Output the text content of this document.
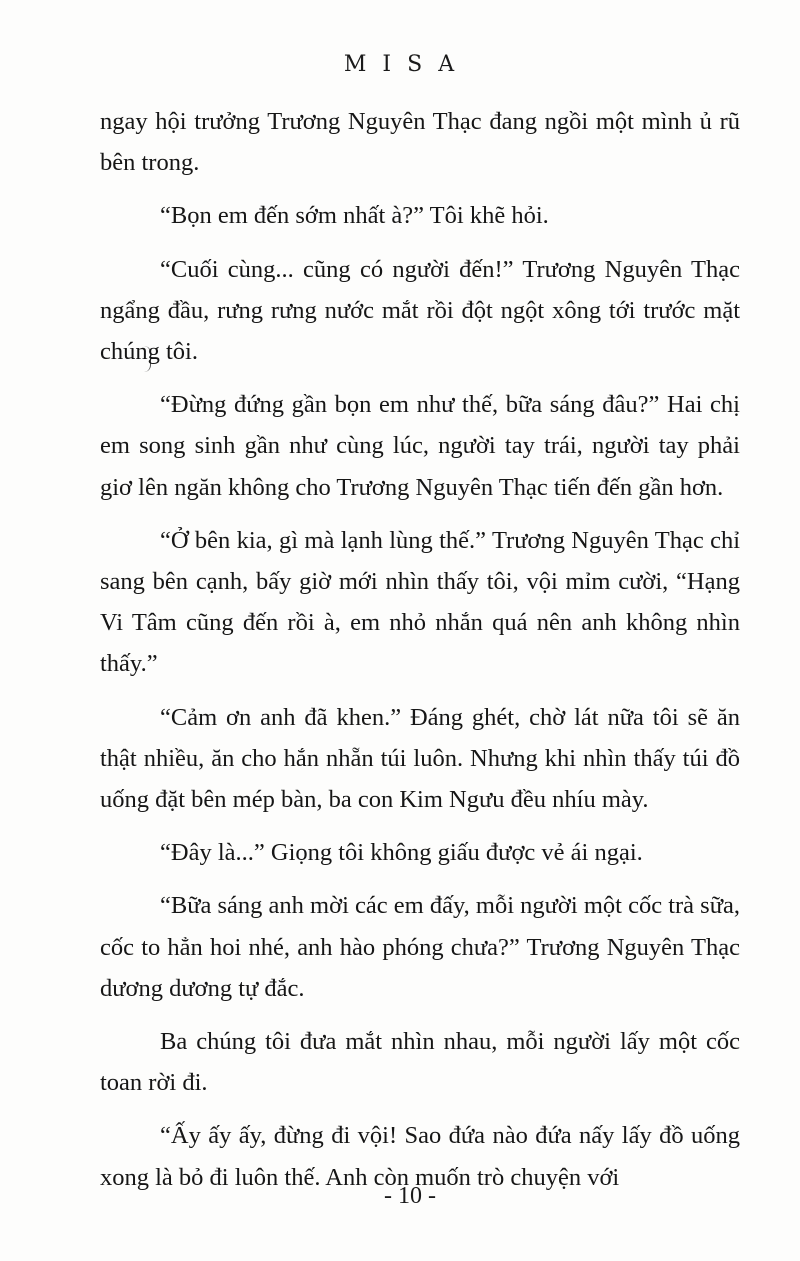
MISA

ngay hội trưởng Trương Nguyên Thạc đang ngồi một mình ủ rũ bên trong.

“Bọn em đến sớm nhất à?” Tôi khẽ hỏi.

“Cuối cùng... cũng có người đến!” Trương Nguyên Thạc ngẩng đầu, rưng rưng nước mắt rồi đột ngột xông tới trước mặt chúng tôi.

“Đừng đứng gần bọn em như thế, bữa sáng đâu?” Hai chị em song sinh gần như cùng lúc, người tay trái, người tay phải giơ lên ngăn không cho Trương Nguyên Thạc tiến đến gần hơn.

“Ở bên kia, gì mà lạnh lùng thế.” Trương Nguyên Thạc chỉ sang bên cạnh, bấy giờ mới nhìn thấy tôi, vội mỉm cười, “Hạng Vi Tâm cũng đến rồi à, em nhỏ nhắn quá nên anh không nhìn thấy.”

“Cảm ơn anh đã khen.” Đáng ghét, chờ lát nữa tôi sẽ ăn thật nhiều, ăn cho hắn nhẵn túi luôn. Nhưng khi nhìn thấy túi đồ uống đặt bên mép bàn, ba con Kim Ngưu đều nhíu mày.

“Đây là...” Giọng tôi không giấu được vẻ ái ngại.

“Bữa sáng anh mời các em đấy, mỗi người một cốc trà sữa, cốc to hẳn hoi nhé, anh hào phóng chưa?” Trương Nguyên Thạc dương dương tự đắc.

Ba chúng tôi đưa mắt nhìn nhau, mỗi người lấy một cốc toan rời đi.

“Ấy ấy ấy, đừng đi vội! Sao đứa nào đứa nấy lấy đồ uống xong là bỏ đi luôn thế. Anh còn muốn trò chuyện với

- 10 -
